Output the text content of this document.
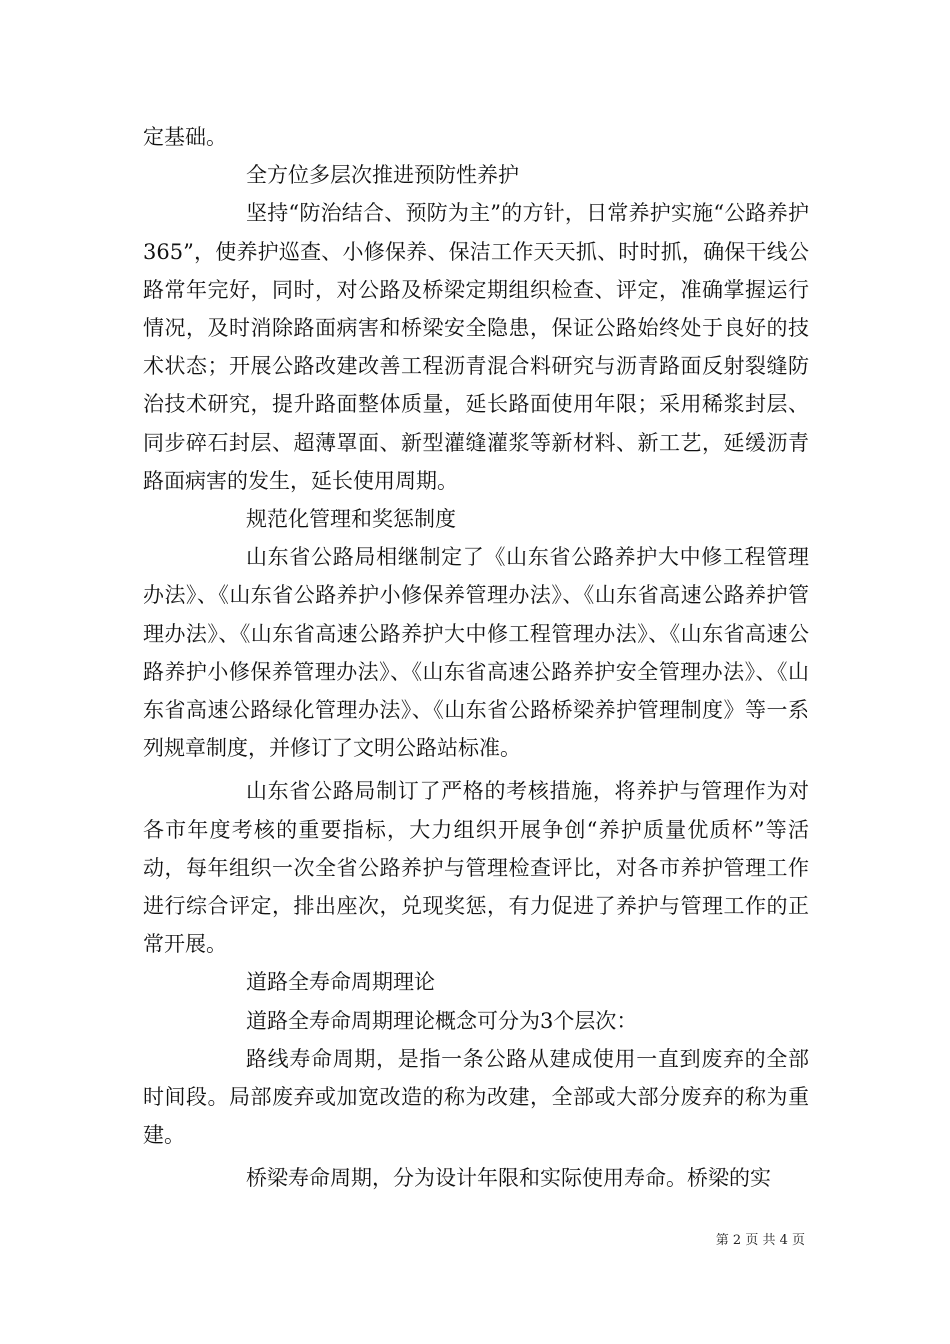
定基础。

全方位多层次推进预防性养护

坚持“防治结合、预防为主”的方针，日常养护实施“公路养护365”，使养护巡查、小修保养、保洁工作天天抓、时时抓，确保干线公路常年完好，同时，对公路及桥梁定期组织检查、评定，准确掌握运行情况，及时消除路面病害和桥梁安全隐患，保证公路始终处于良好的技术状态；开展公路改建改善工程沥青混合料研究与沥青路面反射裂缝防治技术研究，提升路面整体质量，延长路面使用年限；采用稀浆封层、同步碎石封层、超薄罩面、新型灌缝灌浆等新材料、新工艺，延缓沥青路面病害的发生，延长使用周期。

规范化管理和奖惩制度

山东省公路局相继制定了《山东省公路养护大中修工程管理办法》、《山东省公路养护小修保养管理办法》、《山东省高速公路养护管理办法》、《山东省高速公路养护大中修工程管理办法》、《山东省高速公路养护小修保养管理办法》、《山东省高速公路养护安全管理办法》、《山东省高速公路绿化管理办法》、《山东省公路桥梁养护管理制度》等一系列规章制度，并修订了文明公路站标准。

山东省公路局制订了严格的考核措施，将养护与管理作为对各市年度考核的重要指标，大力组织开展争创“养护质量优质杯”等活动，每年组织一次全省公路养护与管理检查评比，对各市养护管理工作进行综合评定，排出座次，兑现奖惩，有力促进了养护与管理工作的正常开展。

道路全寿命周期理论

道路全寿命周期理论概念可分为3个层次：

路线寿命周期，是指一条公路从建成使用一直到废弃的全部时间段。局部废弃或加宽改造的称为改建，全部或大部分废弃的称为重建。

桥梁寿命周期，分为设计年限和实际使用寿命。桥梁的实

第 2 页 共 4 页
